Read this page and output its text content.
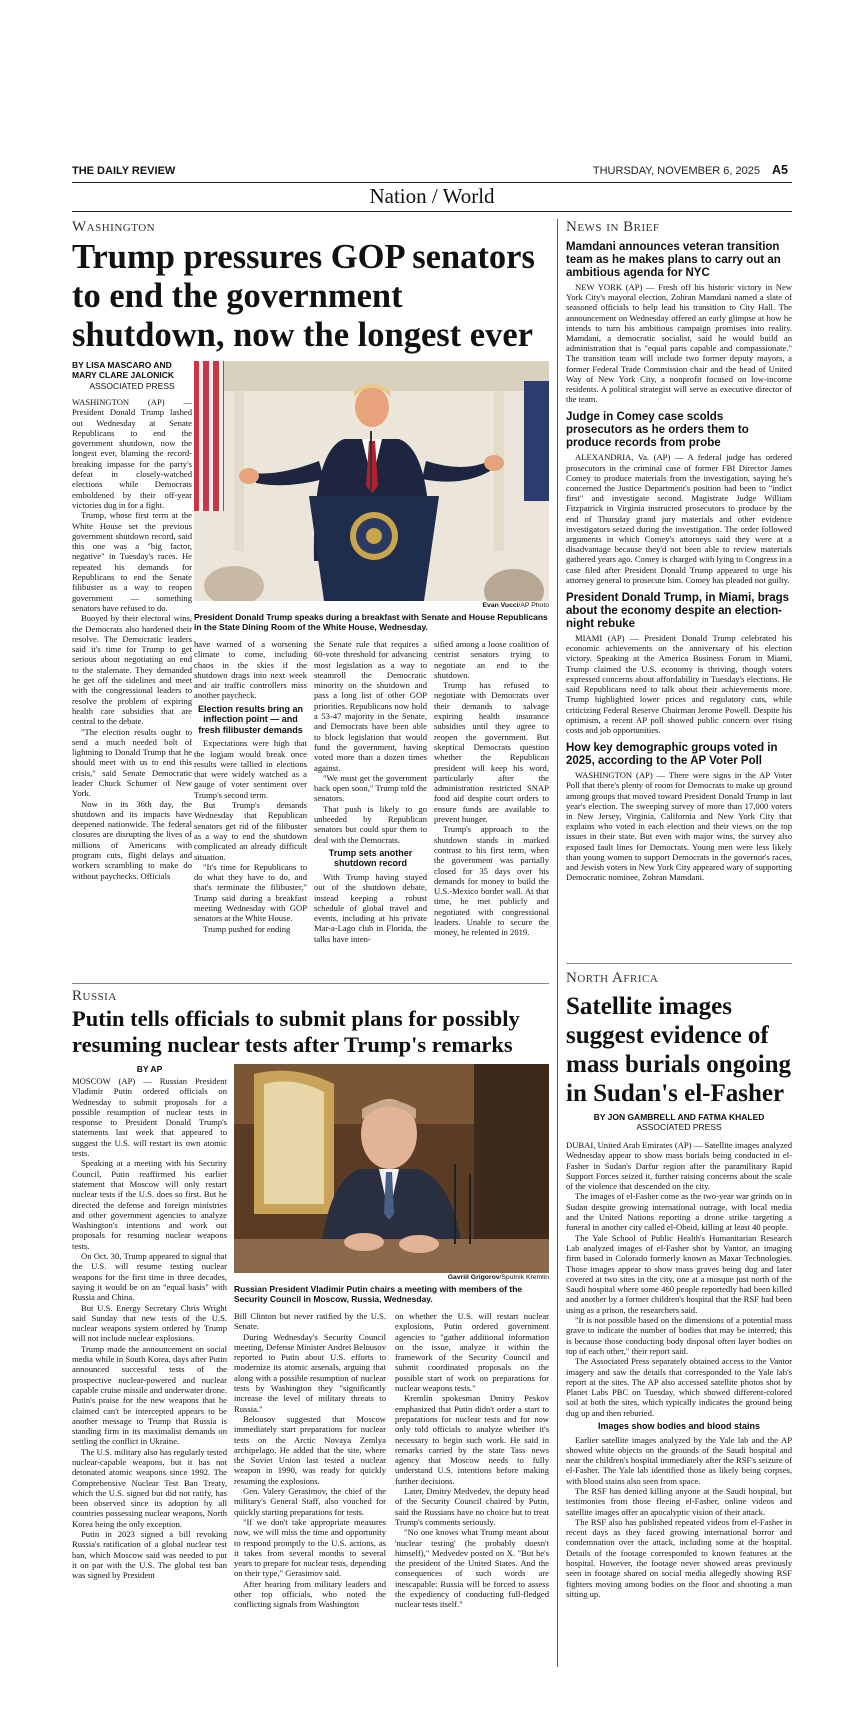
THE DAILY REVIEW	THURSDAY, NOVEMBER 6, 2025 A5
Nation / World
Washington
Trump pressures GOP senators to end the government shutdown, now the longest ever
BY LISA MASCARO AND MARY CLARE JALONICK
ASSOCIATED PRESS

WASHINGTON (AP) — President Donald Trump lashed out Wednesday at Senate Republicans to end the government shutdown, now the longest ever, blaming the record-breaking impasse for the party's defeat in closely-watched elections while Democrats emboldened by their off-year victories dug in for a fight.

Trump, whose first term at the White House set the previous government shutdown record, said this one was a "big factor, negative" in Tuesday's races. He repeated his demands for Republicans to end the Senate filibuster as a way to reopen government — something senators have refused to do.

Buoyed by their electoral wins, the Democrats also hardened their resolve. The Democratic leaders said it's time for Trump to get serious about negotiating an end to the stalemate. They demanded he get off the sidelines and meet with the congressional leaders to resolve the problem of expiring health care subsidies that are central to the debate.

"The election results ought to send a much needed bolt of lightning to Donald Trump that he should meet with us to end this crisis," said Senate Democratic leader Chuck Schumer of New York.

Now in its 36th day, the shutdown and its impacts have deepened nationwide. The federal closures are disrupting the lives of millions of Americans with program cuts, flight delays and workers scrambling to make do without paychecks. Officials

Evan Vucci/AP Photo
President Donald Trump speaks during a breakfast with Senate and House Republicans in the State Dining Room of the White House, Wednesday.

have warned of a worsening climate to come, including chaos in the skies if the shutdown drags into next week and air traffic controllers miss another paycheck.

Election results bring an inflection point — and fresh filibuster demands

Expectations were high that the logjam would break once results were tallied in elections that were widely watched as a gauge of voter sentiment over Trump's second term.

But Trump's demands Wednesday that Republican senators get rid of the filibuster as a way to end the shutdown complicated an already difficult situation.

"It's time for Republicans to do what they have to do, and that's terminate the filibuster," Trump said during a breakfast meeting Wednesday with GOP senators at the White House.

Trump pushed for ending

the Senate rule that requires a 60-vote threshold for advancing most legislation as a way to steamroll the Democratic minority on the shutdown and pass a long list of other GOP priorities. Republicans now hold a 53-47 majority in the Senate, and Democrats have been able to block legislation that would fund the government, having voted more than a dozen times against.

"We must get the government back open soon," Trump told the senators.

That push is likely to go unheeded by Republican senators but could spur them to deal with the Democrats.

Trump sets another shutdown record

With Trump having stayed out of the shutdown debate, instead keeping a robust schedule of global travel and events, including at his private Mar-a-Lago club in Florida, the talks have inten-

sified among a loose coalition of centrist senators trying to negotiate an end to the shutdown.

Trump has refused to negotiate with Democrats over their demands to salvage expiring health insurance subsidies until they agree to reopen the government. But skeptical Democrats question whether the Republican president will keep his word, particularly after the administration restricted SNAP food aid despite court orders to ensure funds are available to prevent hunger.

Trump's approach to the shutdown stands in marked contrast to his first term, when the government was partially closed for 35 days over his demands for money to build the U.S.-Mexico border wall. At that time, he met publicly and negotiated with congressional leaders. Unable to secure the money, he relented in 2019.

News in Brief
Mamdani announces veteran transition team as he makes plans to carry out an ambitious agenda for NYC

NEW YORK (AP) — Fresh off his historic victory in New York City's mayoral election, Zohran Mamdani named a slate of seasoned officials to help lead his transition to City Hall. The announcement on Wednesday offered an early glimpse at how he intends to turn his ambitious campaign promises into reality. Mamdani, a democratic socialist, said he would build an administration that is "equal parts capable and compassionate." The transition team will include two former deputy mayors, a former Federal Trade Commission chair and the head of United Way of New York City, a nonprofit focused on low-income residents. A political strategist will serve as executive director of the team.

Judge in Comey case scolds prosecutors as he orders them to produce records from probe

ALEXANDRIA, Va. (AP) — A federal judge has ordered prosecutors in the criminal case of former FBI Director James Comey to produce materials from the investigation, saying he's concerned the Justice Department's position had been to "indict first" and investigate second. Magistrate Judge William Fitzpatrick in Virginia instructed prosecutors to produce by the end of Thursday grand jury materials and other evidence investigators seized during the investigation. The order followed arguments in which Comey's attorneys said they were at a disadvantage because they'd not been able to review materials gathered years ago. Comey is charged with lying to Congress in a case filed after President Donald Trump appeared to urge his attorney general to prosecute him. Comey has pleaded not guilty.

President Donald Trump, in Miami, brags about the economy despite an election-night rebuke

MIAMI (AP) — President Donald Trump celebrated his economic achievements on the anniversary of his election victory. Speaking at the America Business Forum in Miami, Trump claimed the U.S. economy is thriving, though voters expressed concerns about affordability in Tuesday's elections. He said Republicans need to talk about their achievements more. Trump highlighted lower prices and regulatory cuts, while criticizing Federal Reserve Chairman Jerome Powell. Despite his optimism, a recent AP poll showed public concern over rising costs and job opportunities.

How key demographic groups voted in 2025, according to the AP Voter Poll

WASHINGTON (AP) — There were signs in the AP Voter Poll that there's plenty of room for Democrats to make up ground among groups that moved toward President Donald Trump in last year's election. The sweeping survey of more than 17,000 voters in New Jersey, Virginia, California and New York City that explains who voted in each election and their views on the top issues in their state. But even with major wins, the survey also exposed fault lines for Democrats. Young men were less likely than young women to support Democrats in the governor's races, and Jewish voters in New York City appeared wary of supporting Democratic nominee, Zohran Mamdani.

North Africa
Satellite images suggest evidence of mass burials ongoing in Sudan's el-Fasher
BY JON GAMBRELL AND FATMA KHALED
ASSOCIATED PRESS

DUBAI, United Arab Emirates (AP) — Satellite images analyzed Wednesday appear to show mass burials being conducted in el-Fasher in Sudan's Darfur region after the paramilitary Rapid Support Forces seized it, further raising concerns about the scale of the violence that descended on the city.

The images of el-Fasher come as the two-year war grinds on in Sudan despite growing international outrage, with local media and the United Nations reporting a drone strike targeting a funeral in another city called el-Obeid, killing at least 40 people.

The Yale School of Public Health's Humanitarian Research Lab analyzed images of el-Fasher shot by Vantor, an imaging firm based in Colorado formerly known as Maxar Technologies. Those images appear to show mass graves being dug and later covered at two sites in the city, one at a mosque just north of the Saudi hospital where some 460 people reportedly had been killed and another by a former children's hospital that the RSF had been using as a prison, the researchers said.

"It is not possible based on the dimensions of a potential mass grave to indicate the number of bodies that may be interred; this is because those conducting body disposal often layer bodies on top of each other," their report said.

The Associated Press separately obtained access to the Vantor imagery and saw the details that corresponded to the Yale lab's report at the sites. The AP also accessed satellite photos shot by Planet Labs PBC on Tuesday, which showed different-colored soil at both the sites, which typically indicates the ground being dug up and then reburied.

Images show bodies and blood stains

Earlier satellite images analyzed by the Yale lab and the AP showed white objects on the grounds of the Saudi hospital and near the children's hospital immediately after the RSF's seizure of el-Fasher. The Yale lab identified those as likely being corpses, with blood stains also seen from space.

The RSF has denied killing anyone at the Saudi hospital, but testimonies from those fleeing el-Fasher, online videos and satellite images offer an apocalyptic vision of their attack.

The RSF also has published repeated videos from el-Fasher in recent days as they faced growing international horror and condemnation over the attack, including some at the hospital. Details of the footage corresponded to known features at the hospital. However, the footage never showed areas previously seen in footage shared on social media allegedly showing RSF fighters moving among bodies on the floor and shooting a man sitting up.

Russia
Putin tells officials to submit plans for possibly resuming nuclear tests after Trump's remarks
BY AP

MOSCOW (AP) — Russian President Vladimir Putin ordered officials on Wednesday to submit proposals for a possible resumption of nuclear tests in response to President Donald Trump's statements last week that appeared to suggest the U.S. will restart its own atomic tests.

Speaking at a meeting with his Security Council, Putin reaffirmed his earlier statement that Moscow will only restart nuclear tests if the U.S. does so first. But he directed the defense and foreign ministries and other government agencies to analyze Washington's intentions and work out proposals for resuming nuclear weapons tests.

On Oct. 30, Trump appeared to signal that the U.S. will resume testing nuclear weapons for the first time in three decades, saying it would be on an "equal basis" with Russia and China.

But U.S. Energy Secretary Chris Wright said Sunday that new tests of the U.S. nuclear weapons system ordered by Trump will not include nuclear explosions.

Trump made the announcement on social media while in South Korea, days after Putin announced successful tests of the prospective nuclear-powered and nuclear capable cruise missile and underwater drone. Putin's praise for the new weapons that he claimed can't be intercepted appears to be another message to Trump that Russia is standing firm in its maximalist demands on settling the conflict in Ukraine.

The U.S. military also has regularly tested nuclear-capable weapons, but it has not detonated atomic weapons since 1992. The Comprehensive Nuclear Test Ban Treaty, which the U.S. signed but did not ratify, has been observed since its adoption by all countries possessing nuclear weapons, North Korea being the only exception.

Putin in 2023 signed a bill revoking Russia's ratification of a global nuclear test ban, which Moscow said was needed to put it on par with the U.S. The global test ban was signed by President

Gavriil Grigorov/Sputnik Kremlin
Russian President Vladimir Putin chairs a meeting with members of the Security Council in Moscow, Russia, Wednesday.

Bill Clinton but never ratified by the U.S. Senate.

During Wednesday's Security Council meeting, Defense Minister Andrei Belousov reported to Putin about U.S. efforts to modernize its atomic arsenals, arguing that along with a possible resumption of nuclear tests by Washington they "significantly increase the level of military threats to Russia."

Belousov suggested that Moscow immediately start preparations for nuclear tests on the Arctic Novaya Zemlya archipelago. He added that the site, where the Soviet Union last tested a nuclear weapon in 1990, was ready for quickly resuming the explosions.

Gen. Valery Gerasimov, the chief of the military's General Staff, also vouched for quickly starting preparations for tests.

"If we don't take appropriate measures now, we will miss the time and opportunity to respond promptly to the U.S. actions, as it takes from several months to several years to prepare for nuclear tests, depending on their type," Gerasimov said.

After hearing from military leaders and other top officials, who noted the conflicting signals from Washington

on whether the U.S. will restart nuclear explosions, Putin ordered government agencies to "gather additional information on the issue, analyze it within the framework of the Security Council and submit coordinated proposals on the possible start of work on preparations for nuclear weapons tests."

Kremlin spokesman Dmitry Peskov emphasized that Putin didn't order a start to preparations for nuclear tests and for now only told officials to analyze whether it's necessary to begin such work. He said in remarks carried by the state Tass news agency that Moscow needs to fully understand U.S. intentions before making further decisions.

Later, Dmitry Medvedev, the deputy head of the Security Council chaired by Putin, said the Russians have no choice but to treat Trump's comments seriously.

"No one knows what Trump meant about 'nuclear testing' (he probably doesn't himself)," Medvedev posted on X. "But he's the president of the United States. And the consequences of such words are inescapable: Russia will be forced to assess the expediency of conducting full-fledged nuclear tests itself."
